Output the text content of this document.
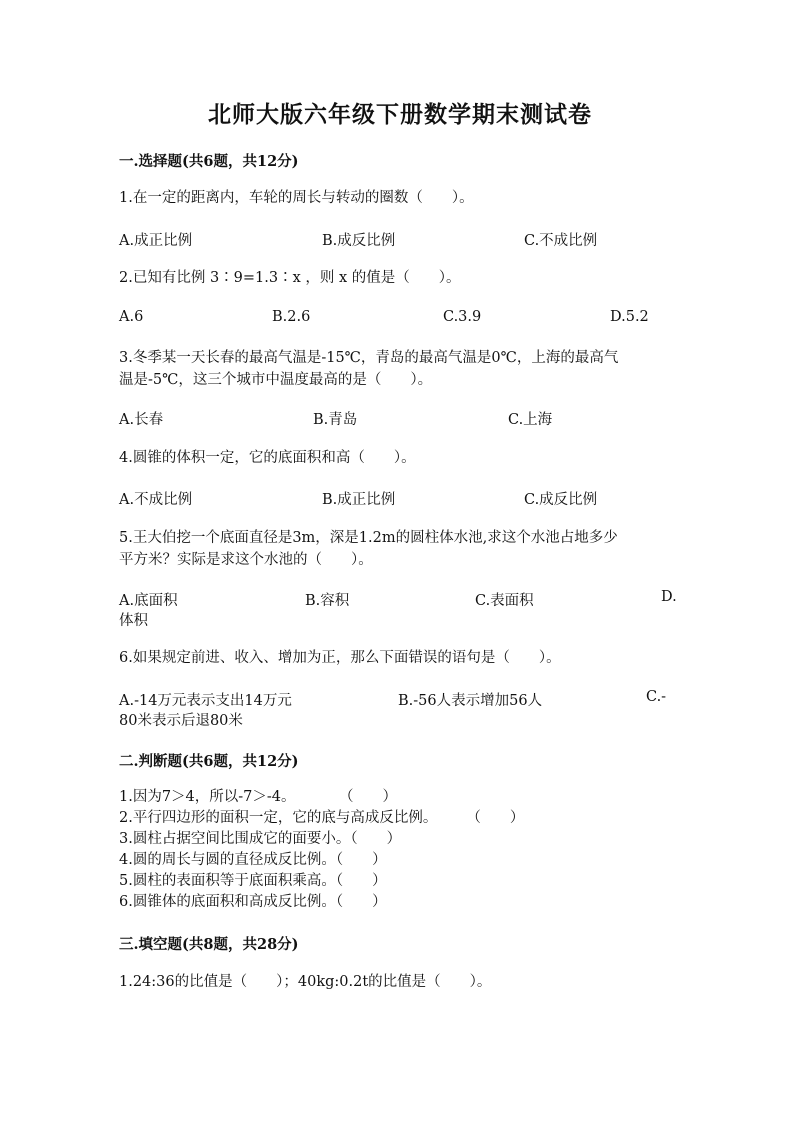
北师大版六年级下册数学期末测试卷
一.选择题(共6题，共12分)
1.在一定的距离内，车轮的周长与转动的圈数（　　）。
A.成正比例	B.成反比例	C.不成比例
2.已知有比例 3∶9=1.3∶x ，则 x 的值是（　　）。
A.6	B.2.6	C.3.9	D.5.2
3.冬季某一天长春的最高气温是-15℃，青岛的最高气温是0℃，上海的最高气
温是-5℃，这三个城市中温度最高的是（　　）。
A.长春	B.青岛	C.上海
4.圆锥的体积一定，它的底面积和高（　　）。
A.不成比例	B.成正比例	C.成反比例
5.王大伯挖一个底面直径是3m，深是1.2m的圆柱体水池,求这个水池占地多少
平方米？实际是求这个水池的（　　）。
A.底面积	B.容积	C.表面积	D.
体积
6.如果规定前进、收入、增加为正，那么下面错误的语句是（　　）。
A.-14万元表示支出14万元	B.-56人表示增加56人	C.-
80米表示后退80米
二.判断题(共6题，共12分)
1.因为7＞4，所以-7＞-4。　　　　（　　）
2.平行四边形的面积一定，它的底与高成反比例。　　　（　　）
3.圆柱占据空间比围成它的面要小。（　　）
4.圆的周长与圆的直径成反比例。（　　）
5.圆柱的表面积等于底面积乘高。（　　）
6.圆锥体的底面积和高成反比例。（　　）
三.填空题(共8题，共28分)
1.24:36的比值是（　　）；40kg:0.2t的比值是（　　）。
